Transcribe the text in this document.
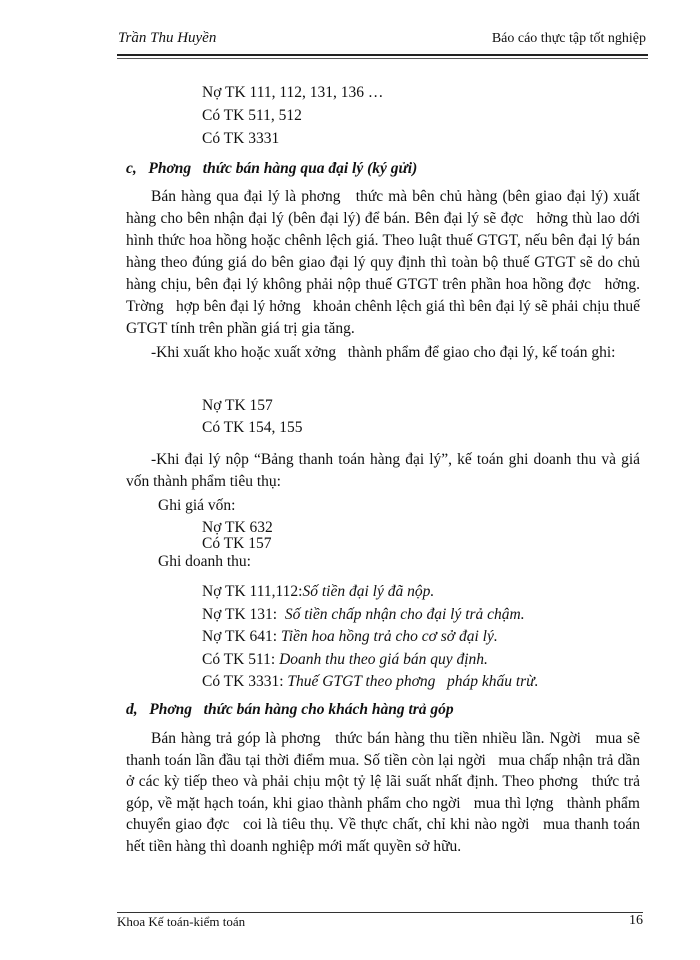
Trần Thu Huyền	Báo cáo thực tập tốt nghiệp
Nợ TK 111, 112, 131, 136 …
Có TK 511, 512
Có TK 3331
c,   Phơng   thức bán hàng qua đại lý (ký gửi)
Bán hàng qua đại lý là phơng   thức mà bên chủ hàng (bên giao đại lý) xuất hàng cho bên nhận đại lý (bên đại lý) để bán. Bên đại lý sẽ đợc   hởng thù lao dới   hình thức hoa hồng hoặc chênh lệch giá. Theo luật thuế GTGT, nếu bên đại lý bán hàng theo đúng giá do bên giao đại lý quy định thì toàn bộ thuế GTGT sẽ do chủ hàng chịu, bên đại lý không phải nộp thuế GTGT trên phần hoa hồng đợc   hởng.  Trờng   hợp bên đại lý hởng   khoản chênh lệch giá thì bên đại lý sẽ phải chịu thuế GTGT tính trên phần giá trị gia tăng.
-Khi xuất kho hoặc xuất xởng   thành phẩm để giao cho đại lý, kế toán ghi:
Nợ TK 157
Có TK 154, 155
-Khi đại lý nộp “Bảng thanh toán hàng đại lý”, kế toán ghi doanh thu và giá vốn thành phẩm tiêu thụ:
Ghi giá vốn:
Nợ TK 632
Có TK 157
Ghi doanh thu:
Nợ TK 111,112:Số tiền đại lý đã nộp.
Nợ TK 131:  Số tiền chấp nhận cho đại lý trả chậm.
Nợ TK 641: Tiền hoa hồng trả cho cơ sở đại lý.
Có TK 511: Doanh thu theo giá bán quy định.
Có TK 3331: Thuế GTGT theo phơng   pháp khấu trừ.
d,   Phơng   thức bán hàng cho khách hàng trả góp
Bán hàng trả góp là phơng   thức bán hàng thu tiền nhiều lần. Ngời   mua sẽ thanh toán lần đầu tại thời điểm mua. Số tiền còn lại ngời   mua chấp nhận trả dần ở các kỳ tiếp theo và phải chịu một tỷ lệ lãi suất nhất định. Theo phơng   thức trả góp, về mặt hạch toán, khi giao thành phẩm cho ngời   mua thì lợng   thành phẩm chuyển giao đợc   coi là tiêu thụ. Về thực chất, chỉ khi nào ngời   mua thanh toán hết tiền hàng thì doanh nghiệp mới mất quyền sở hữu.
Khoa Kế toán-kiểm toán	16
